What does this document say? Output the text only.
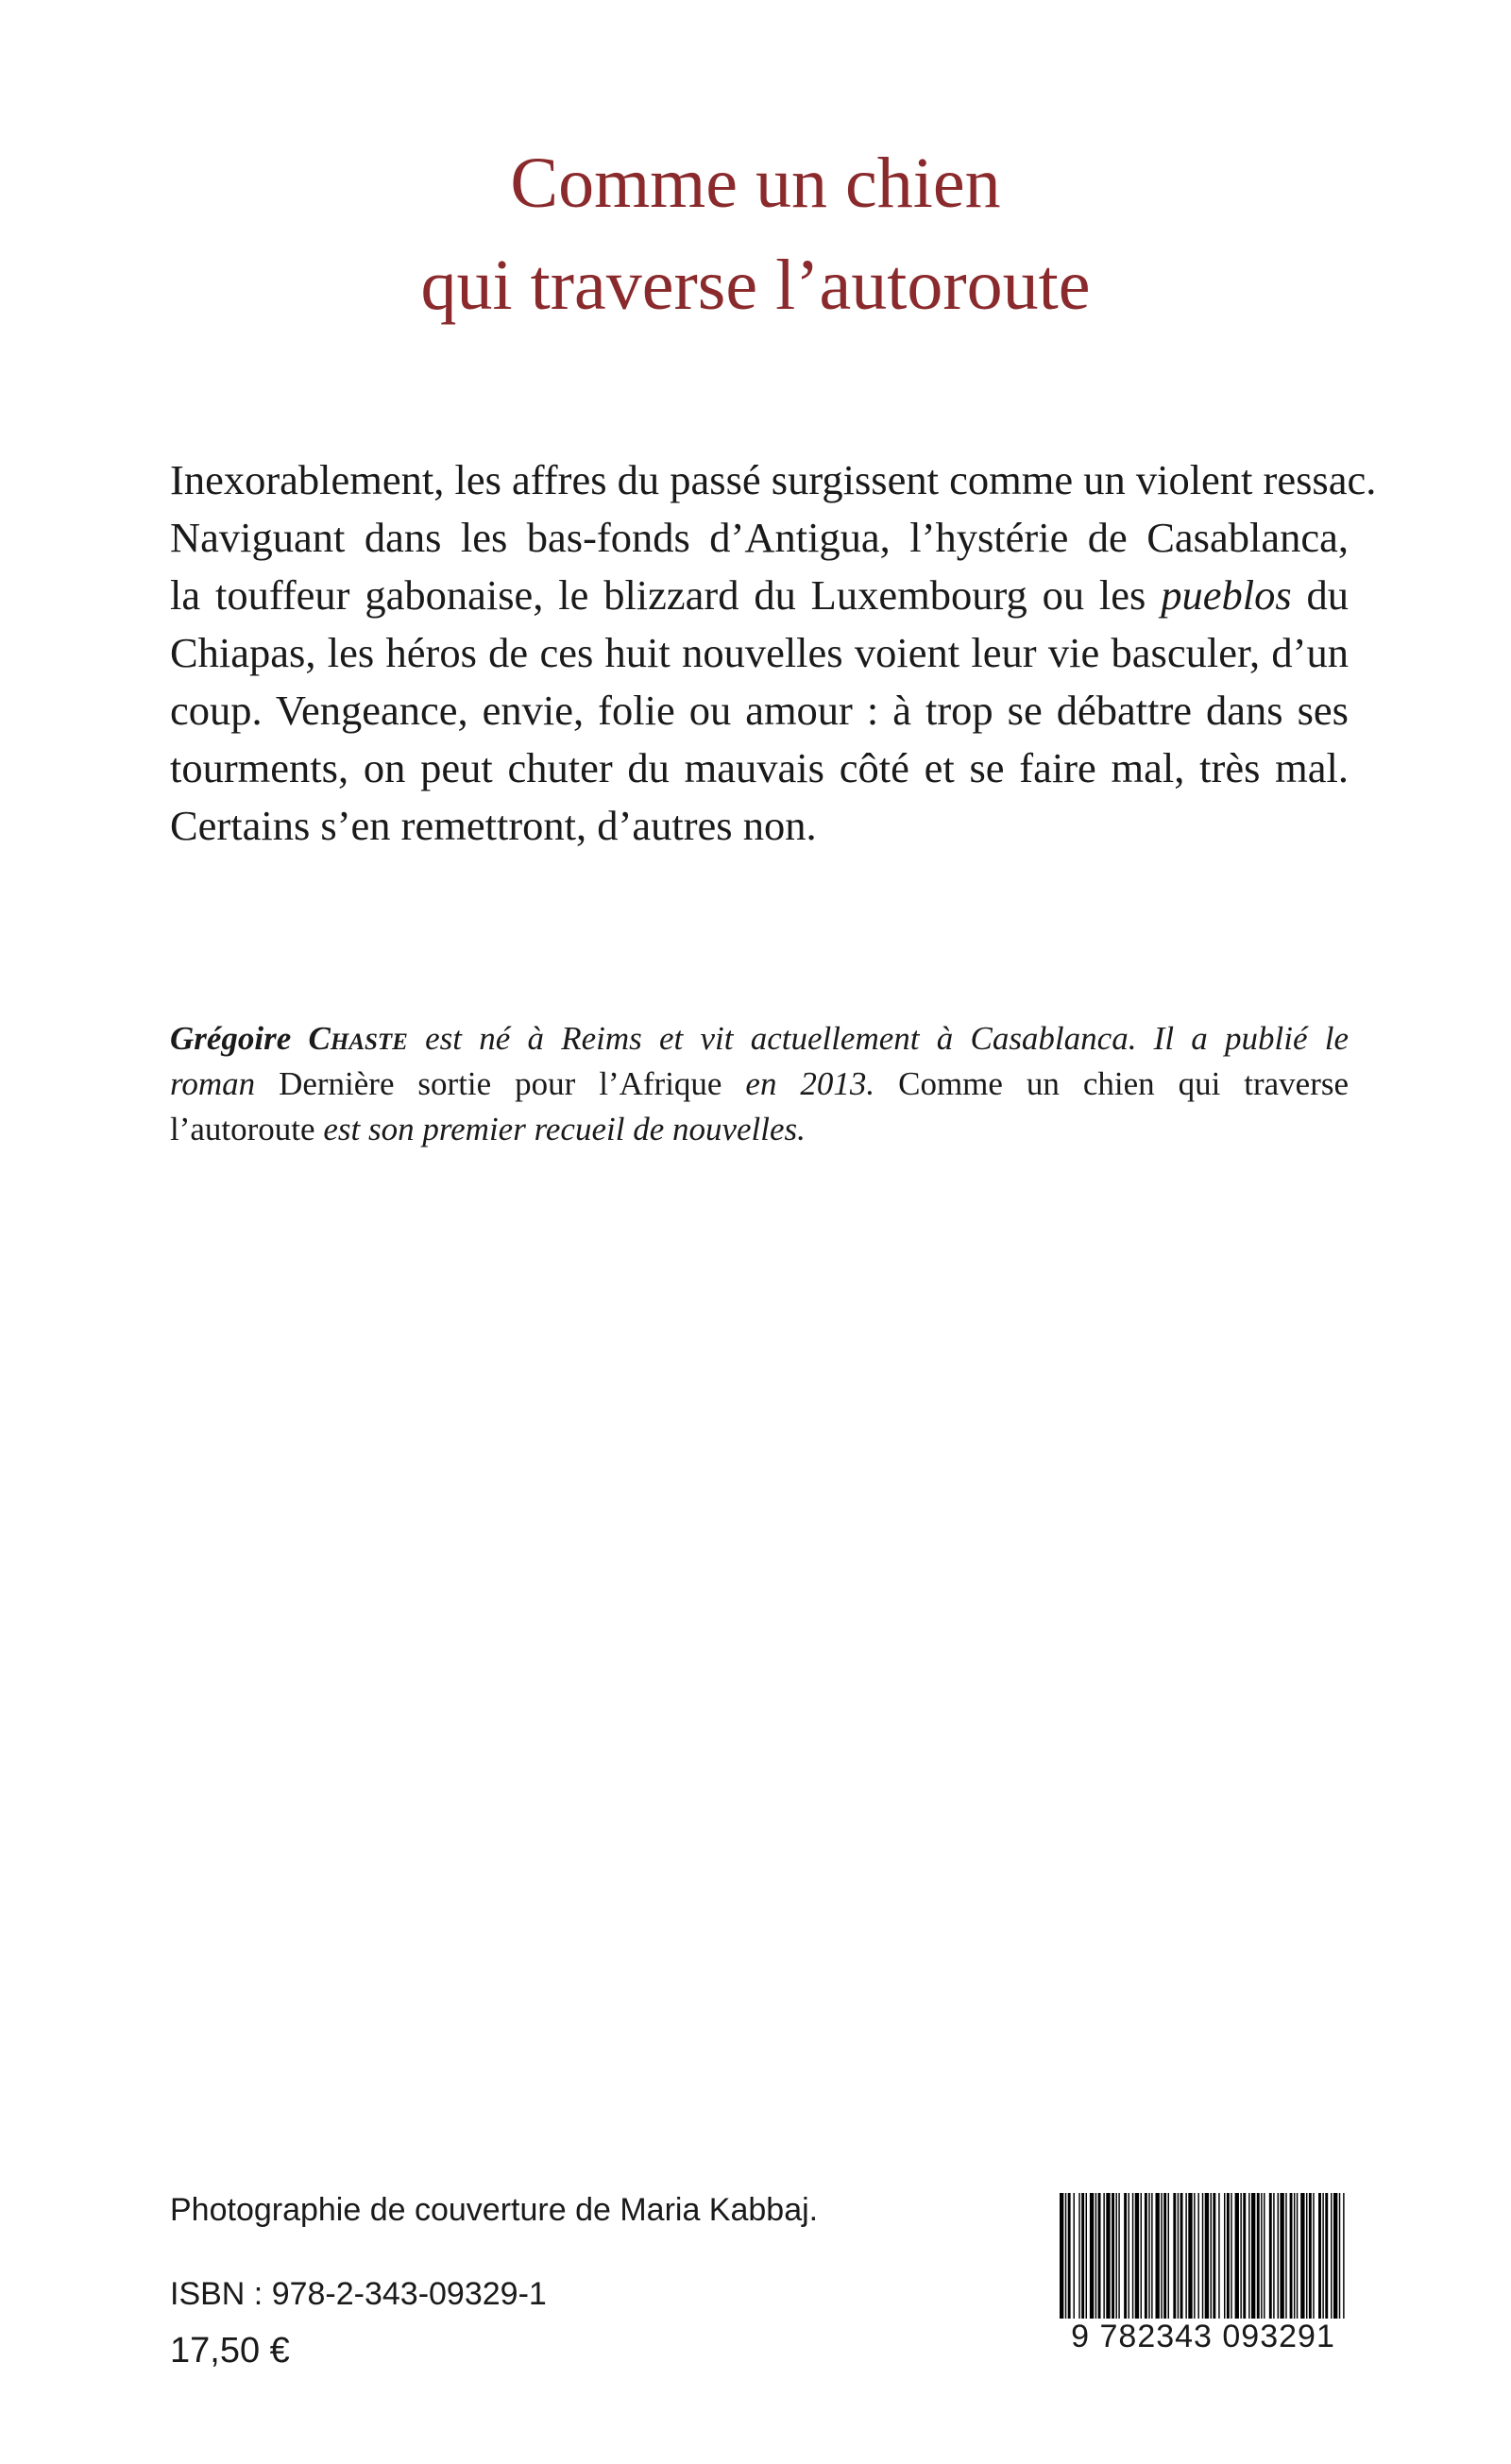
Comme un chien
qui traverse l’autoroute
Inexorablement, les affres du passé surgissent comme un violent ressac.
Naviguant dans les bas-fonds d’Antigua, l’hystérie de Casablanca,
la touffeur gabonaise, le blizzard du Luxembourg ou les pueblos du
Chiapas, les héros de ces huit nouvelles voient leur vie basculer, d’un
coup. Vengeance, envie, folie ou amour : à trop se débattre dans ses
tourments, on peut chuter du mauvais côté et se faire mal, très mal.
Certains s’en remettront, d’autres non.
Grégoire Chaste est né à Reims et vit actuellement à Casablanca. Il a publié le
roman Dernière sortie pour l’Afrique en 2013. Comme un chien qui traverse
l’autoroute est son premier recueil de nouvelles.
Photographie de couverture de Maria Kabbaj.
ISBN : 978-2-343-09329-1
17,50 €	9 782343 093291
